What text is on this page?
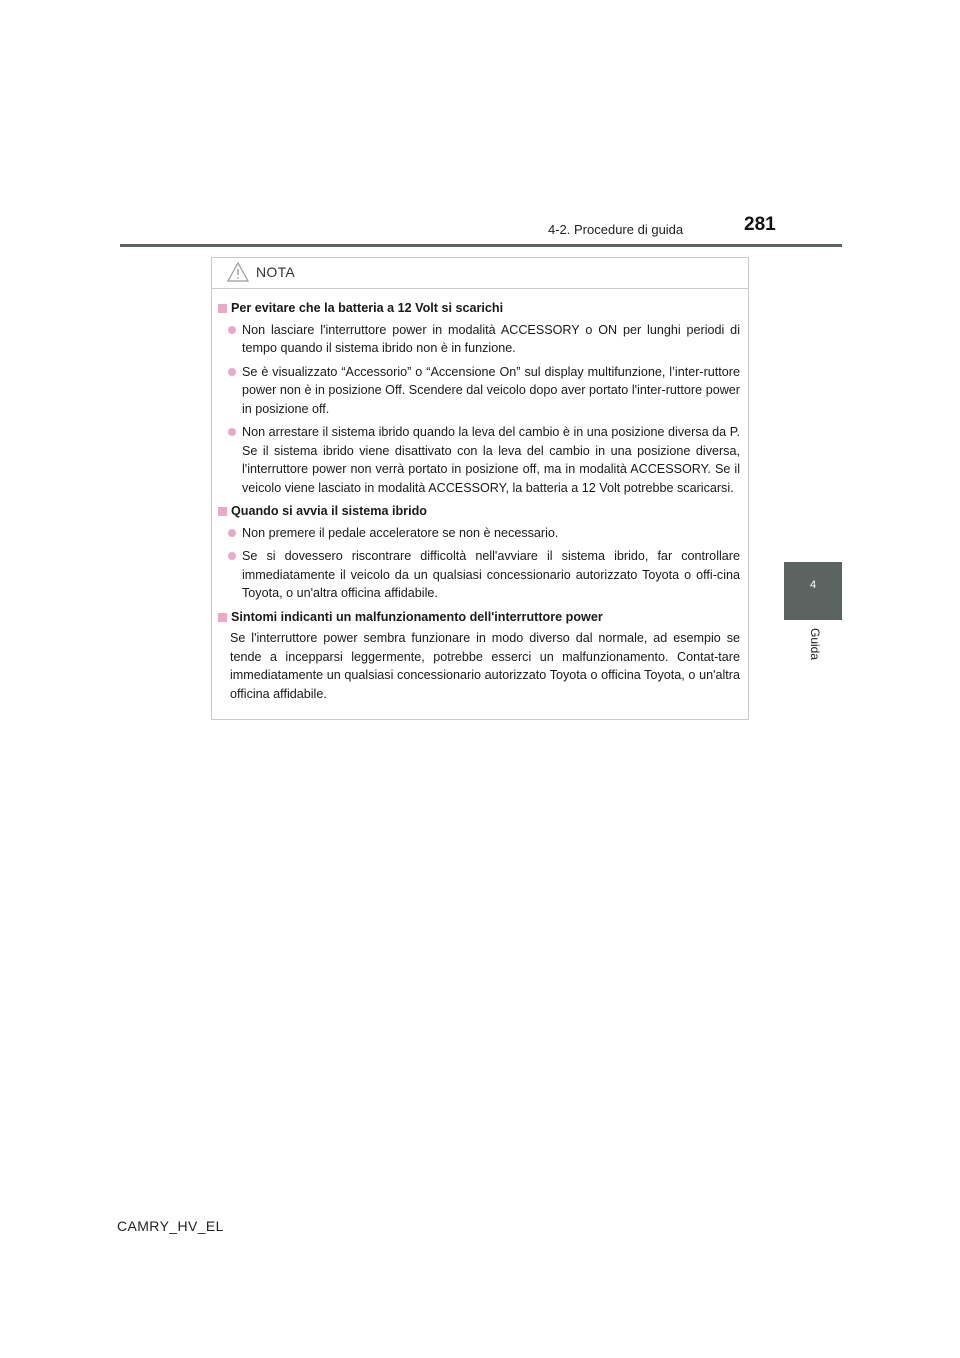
4-2. Procedure di guida	281
4
Guida
NOTA
Per evitare che la batteria a 12 Volt si scarichi
Non lasciare l'interruttore power in modalità ACCESSORY o ON per lunghi periodi di tempo quando il sistema ibrido non è in funzione.
Se è visualizzato “Accessorio” o “Accensione On” sul display multifunzione, l’inter-ruttore power non è in posizione Off. Scendere dal veicolo dopo aver portato l'inter-ruttore power in posizione off.
Non arrestare il sistema ibrido quando la leva del cambio è in una posizione diversa da P. Se il sistema ibrido viene disattivato con la leva del cambio in una posizione diversa, l'interruttore power non verrà portato in posizione off, ma in modalità ACCESSORY. Se il veicolo viene lasciato in modalità ACCESSORY, la batteria a 12 Volt potrebbe scaricarsi.
Quando si avvia il sistema ibrido
Non premere il pedale acceleratore se non è necessario.
Se si dovessero riscontrare difficoltà nell'avviare il sistema ibrido, far controllare immediatamente il veicolo da un qualsiasi concessionario autorizzato Toyota o offi-cina Toyota, o un'altra officina affidabile.
Sintomi indicanti un malfunzionamento dell'interruttore power
Se l'interruttore power sembra funzionare in modo diverso dal normale, ad esempio se tende a incepparsi leggermente, potrebbe esserci un malfunzionamento. Contat-tare immediatamente un qualsiasi concessionario autorizzato Toyota o officina Toyota, o un'altra officina affidabile.
CAMRY_HV_EL
